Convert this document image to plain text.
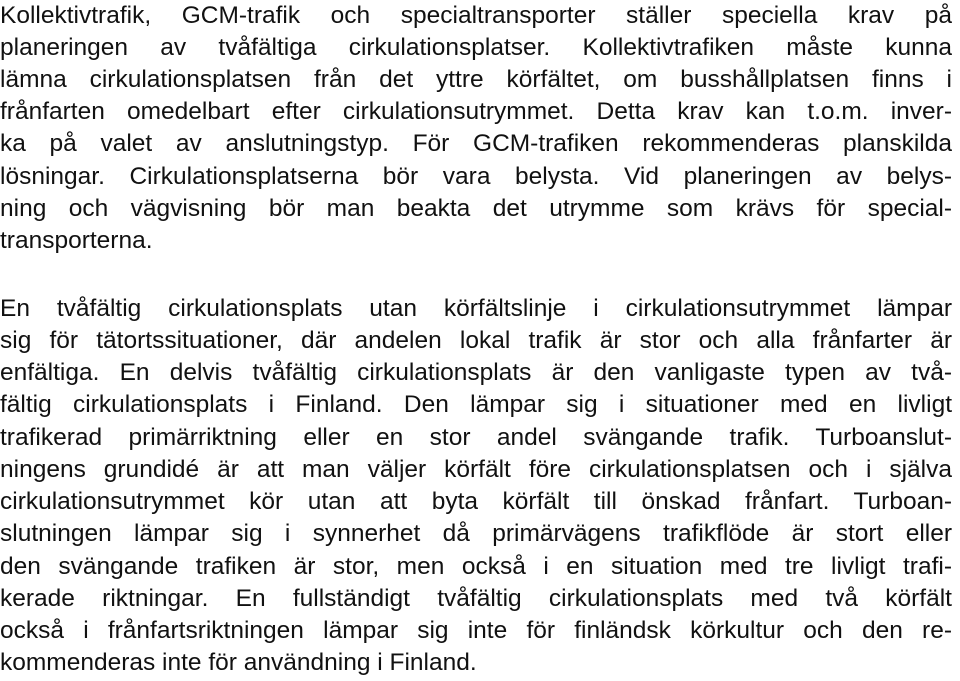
Kollektivtrafik, GCM-trafik och specialtransporter ställer speciella krav på
planeringen av tvåfältiga cirkulationsplatser. Kollektivtrafiken måste kunna
lämna cirkulationsplatsen från det yttre körfältet, om busshållplatsen finns i
frånfarten omedelbart efter cirkulationsutrymmet. Detta krav kan t.o.m. inver-
ka på valet av anslutningstyp. För GCM-trafiken rekommenderas planskilda
lösningar. Cirkulationsplatserna bör vara belysta. Vid planeringen av belys-
ning och vägvisning bör man beakta det utrymme som krävs för special-
transporterna.
En tvåfältig cirkulationsplats utan körfältslinje i cirkulationsutrymmet lämpar
sig för tätortssituationer, där andelen lokal trafik är stor och alla frånfarter är
enfältiga. En delvis tvåfältig cirkulationsplats är den vanligaste typen av två-
fältig cirkulationsplats i Finland. Den lämpar sig i situationer med en livligt
trafikerad primärriktning eller en stor andel svängande trafik. Turboanslut-
ningens grundidé är att man väljer körfält före cirkulationsplatsen och i själva
cirkulationsutrymmet kör utan att byta körfält till önskad frånfart. Turboan-
slutningen lämpar sig i synnerhet då primärvägens trafikflöde är stort eller
den svängande trafiken är stor, men också i en situation med tre livligt trafi-
kerade riktningar. En fullständigt tvåfältig cirkulationsplats med två körfält
också i frånfartsriktningen lämpar sig inte för finländsk körkultur och den re-
kommenderas inte för användning i Finland.
